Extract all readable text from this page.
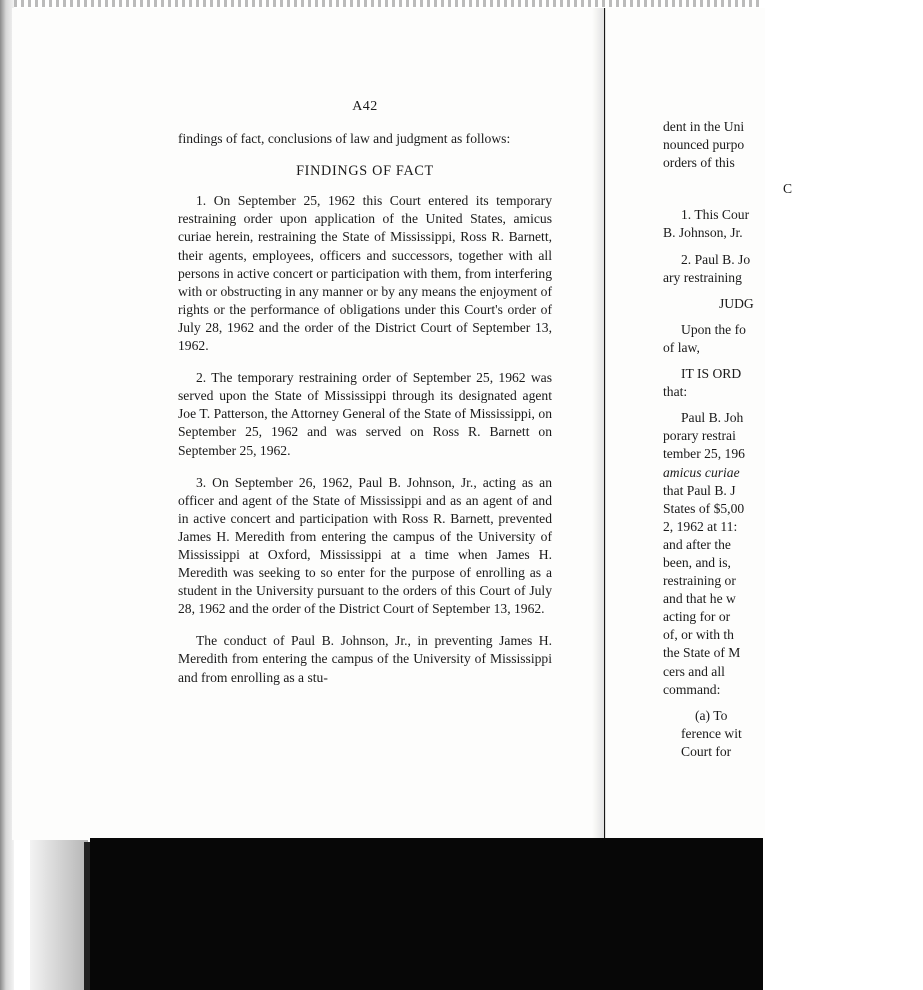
A42

findings of fact, conclusions of law and judgment as follows:

FINDINGS OF FACT

1. On September 25, 1962 this Court entered its temporary restraining order upon application of the United States, amicus curiae herein, restraining the State of Mississippi, Ross R. Barnett, their agents, employees, officers and successors, together with all persons in active concert or participation with them, from interfering with or obstructing in any manner or by any means the enjoyment of rights or the performance of obligations under this Court's order of July 28, 1962 and the order of the District Court of September 13, 1962.

2. The temporary restraining order of September 25, 1962 was served upon the State of Mississippi through its designated agent Joe T. Patterson, the Attorney General of the State of Mississippi, on September 25, 1962 and was served on Ross R. Barnett on September 25, 1962.

3. On September 26, 1962, Paul B. Johnson, Jr., acting as an officer and agent of the State of Mississippi and as an agent of and in active concert and participation with Ross R. Barnett, prevented James H. Meredith from entering the campus of the University of Mississippi at Oxford, Mississippi at a time when James H. Meredith was seeking to so enter for the purpose of enrolling as a student in the University pursuant to the orders of this Court of July 28, 1962 and the order of the District Court of September 13, 1962.

The conduct of Paul B. Johnson, Jr., in preventing James H. Meredith from entering the campus of the University of Mississippi and from enrolling as a stu-

dent in the Uni
nounced purpo
orders of this
C
1. This Cour
B. Johnson, Jr.
2. Paul B. Jo
ary restraining
JUDG
Upon the fo
of law,
IT IS ORD
that:
Paul B. Joh
porary restrai
tember 25, 196
amicus curiae
that Paul B. J
States of $5,00
2, 1962 at 11:
and after the
been, and is,
restraining or
and that he w
acting for or
of, or with th
the State of M
cers and all
command:
(a) To
ference wit
Court for
